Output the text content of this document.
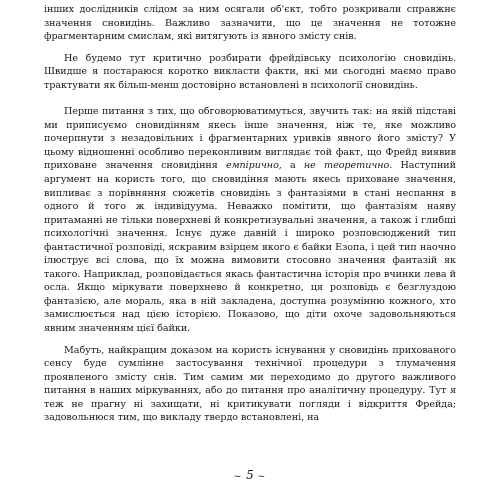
інших дослідників слідом за ним осягали об'єкт, тобто розкривали справжнє значення сновидінь. Важливо зазначити, що це значення не тотожне фрагментарним смислам, які витягують із явного змісту снів.

Не будемо тут критично розбирати фрейдівську психологію сновидінь. Швидше я постараюся коротко викласти факти, які ми сьогодні маємо право трактувати як більш-менш достовірно встановлені в психології сновидінь.

Перше питання з тих, що обговорюватимуться, звучить так: на якій підставі ми приписуємо сновидінням якесь інше значення, ніж те, яке можливо почерпнути з незадовільних і фрагментарних уривків явного його змісту? У цьому відношенні особливо переконливим виглядає той факт, що Фрейд виявив приховане значення сновидіння емпірично, а не теоретично. Наступний аргумент на користь того, що сновидіння мають якесь приховане значення, випливає з порівняння сюжетів сновидінь з фантазіями в стані неспання в одного й того ж індивідуума. Неважко помітити, що фантазіям наяву притаманні не тільки поверхневі й конкретизувальні значення, а також і глибші психологічні значення. Існує дуже давній і широко розповсюджений тип фантастичної розповіді, яскравим взірцем якого є байки Езопа, і цей тип наочно ілюструє всі слова, що їх можна вимовити стосовно значення фантазій як такого. Наприклад, розповідається якась фантастична історія про вчинки лева й осла. Якщо міркувати поверхнево й конкретно, ця розповідь є безглуздою фантазією, але мораль, яка в ній закладена, доступна розумінню кожного, хто замислюється над цією історією. Показово, що діти охоче задовольняються явним значенням цієї байки.

Мабуть, найкращим доказом на користь існування у сновидінь прихованого сенсу буде сумлінне застосування технічної процедури з тлумачення проявленого змісту снів. Тим самим ми переходимо до другого важливого питання в наших міркуваннях, або до питання про аналітичну процедуру. Тут я теж не прагну ні захищати, ні критикувати погляди і відкриття Фрейда; задовольнюся тим, що викладу твердо встановлені, на

~ 5 ~
